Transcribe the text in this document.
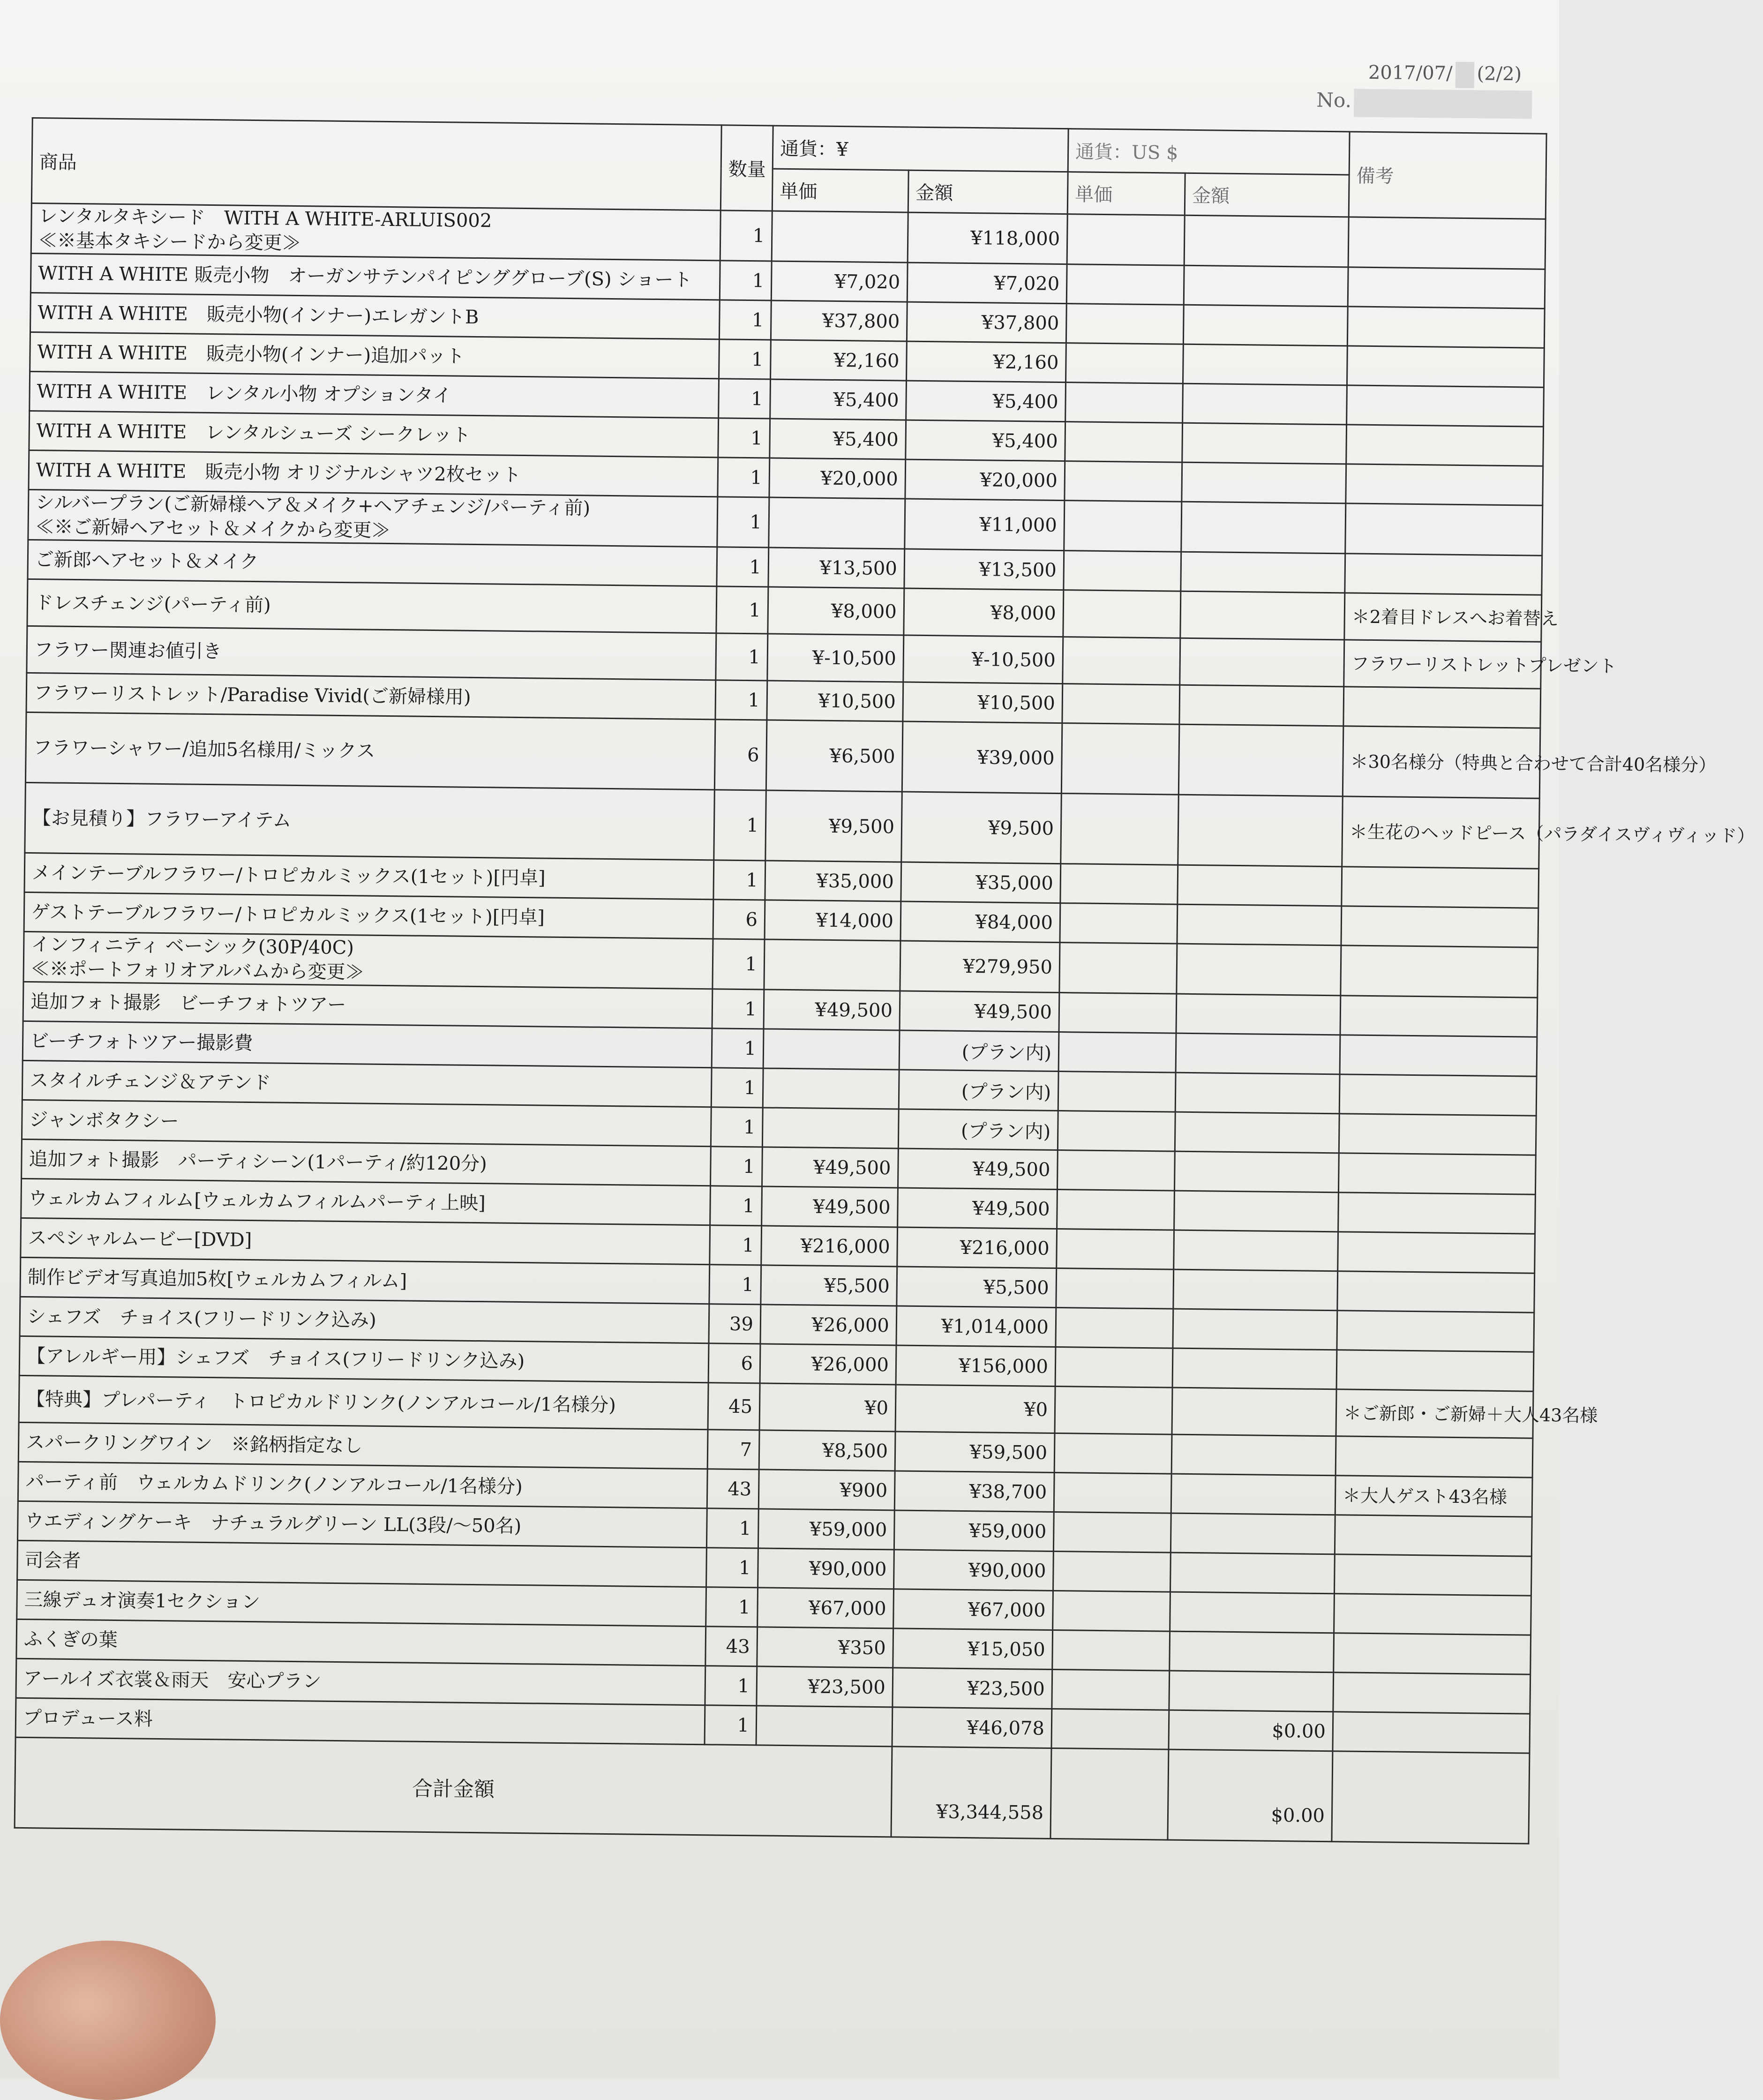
2017/07/ (2/2)
No.
商品	数量	通貨：¥		通貨：US $		備考
		単価	金額	単価	金額	

レンタルタキシード　WITH A WHITE-ARLUIS002
≪※基本タキシードから変更≫	1		¥118,000			

WITH A WHITE 販売小物　オーガンサテンパイピンググローブ(S) ショート	1	¥7,020	¥7,020			

WITH A WHITE　販売小物(インナー)エレガントB	1	¥37,800	¥37,800			

WITH A WHITE　販売小物(インナー)追加パット	1	¥2,160	¥2,160			

WITH A WHITE　レンタル小物 オプションタイ	1	¥5,400	¥5,400			

WITH A WHITE　レンタルシューズ シークレット	1	¥5,400	¥5,400			

WITH A WHITE　販売小物 オリジナルシャツ2枚セット	1	¥20,000	¥20,000			

シルバープラン(ご新婦様ヘア＆メイク+ヘアチェンジ/パーティ前)
≪※ご新婦ヘアセット＆メイクから変更≫	1		¥11,000			

ご新郎ヘアセット＆メイク	1	¥13,500	¥13,500			

ドレスチェンジ(パーティ前)	1	¥8,000	¥8,000			＊2着目ドレスへお着替え

フラワー関連お値引き	1	¥-10,500	¥-10,500			フラワーリストレットプレゼント

フラワーリストレット/Paradise Vivid(ご新婦様用)	1	¥10,500	¥10,500			

フラワーシャワー/追加5名様用/ミックス	6	¥6,500	¥39,000			＊30名様分（特典と合わせて合計40名様分）

【お見積り】フラワーアイテム	1	¥9,500	¥9,500			＊生花のヘッドピース（パラダイスヴィヴィッド）

メインテーブルフラワー/トロピカルミックス(1セット)[円卓]	1	¥35,000	¥35,000			

ゲストテーブルフラワー/トロピカルミックス(1セット)[円卓]	6	¥14,000	¥84,000			

インフィニティ ベーシック(30P/40C)
≪※ポートフォリオアルバムから変更≫	1		¥279,950			

追加フォト撮影　ビーチフォトツアー	1	¥49,500	¥49,500			

ビーチフォトツアー撮影費	1		(プラン内)			

スタイルチェンジ＆アテンド	1		(プラン内)			

ジャンボタクシー	1		(プラン内)			

追加フォト撮影　パーティシーン(1パーティ/約120分)	1	¥49,500	¥49,500			

ウェルカムフィルム[ウェルカムフィルムパーティ上映]	1	¥49,500	¥49,500			

スペシャルムービー[DVD]	1	¥216,000	¥216,000			

制作ビデオ写真追加5枚[ウェルカムフィルム]	1	¥5,500	¥5,500			

シェフズ　チョイス(フリードリンク込み)	39	¥26,000	¥1,014,000			

【アレルギー用】シェフズ　チョイス(フリードリンク込み)	6	¥26,000	¥156,000			

【特典】プレパーティ　トロピカルドリンク(ノンアルコール/1名様分)	45	¥0	¥0			＊ご新郎・ご新婦＋大人43名様

スパークリングワイン　※銘柄指定なし	7	¥8,500	¥59,500			

パーティ前　ウェルカムドリンク(ノンアルコール/1名様分)	43	¥900	¥38,700			＊大人ゲスト43名様

ウエディングケーキ　ナチュラルグリーン LL(3段/〜50名)	1	¥59,000	¥59,000			

司会者	1	¥90,000	¥90,000			

三線デュオ演奏1セクション	1	¥67,000	¥67,000			

ふくぎの葉	43	¥350	¥15,050			

アールイズ衣裳＆雨天　安心プラン	1	¥23,500	¥23,500			

プロデュース料	1		¥46,078		$0.00	
合計金額			¥3,344,558		$0.00	
